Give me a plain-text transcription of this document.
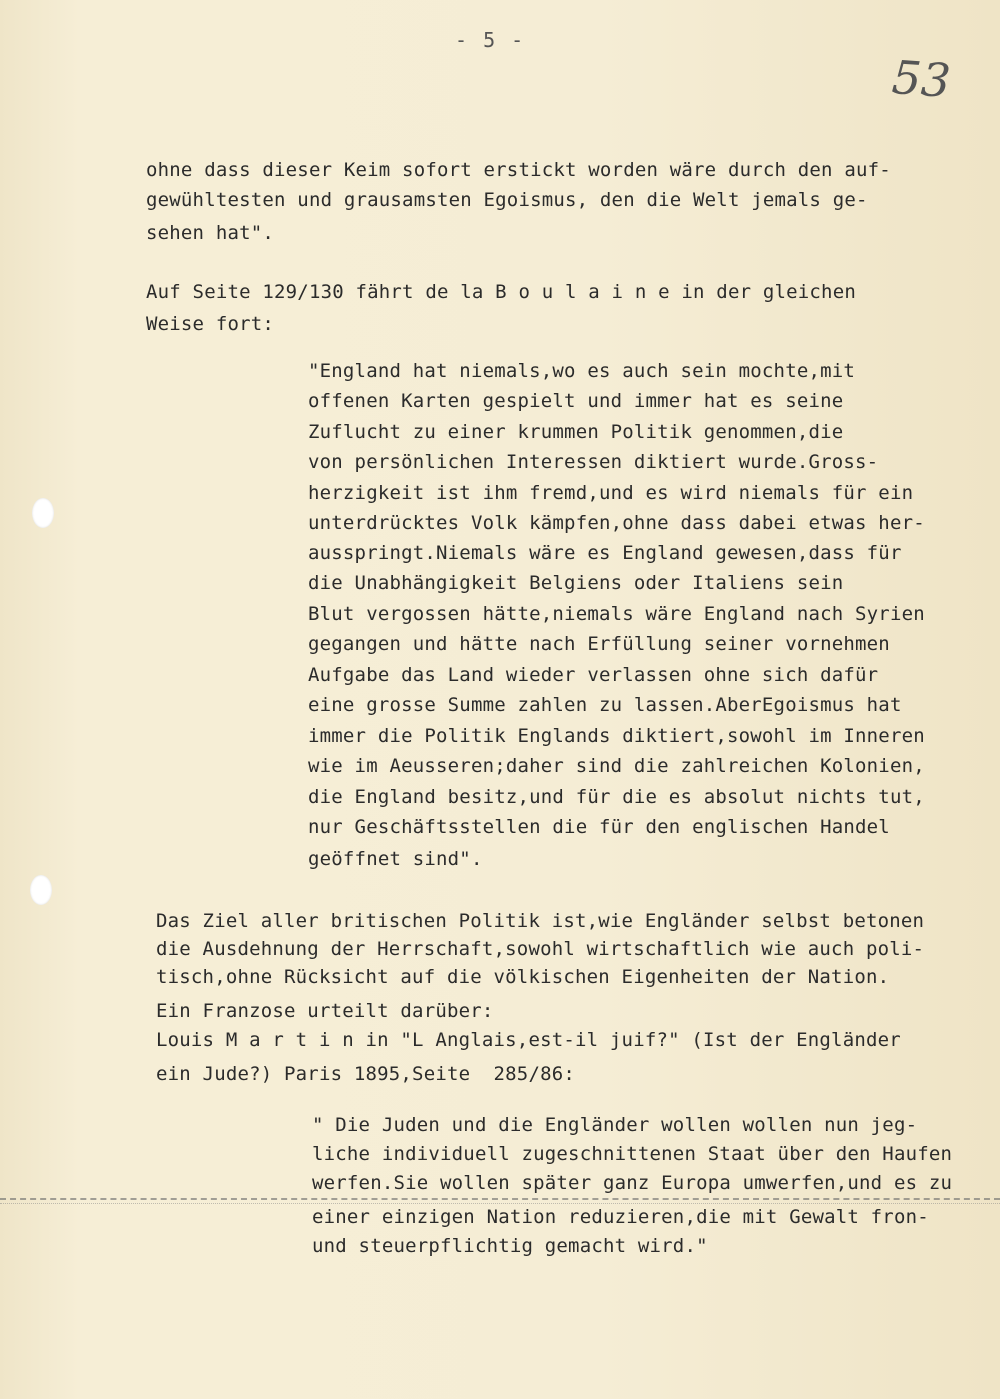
- 5 -
53
ohne dass dieser Keim sofort erstickt worden wäre durch den auf-
gewühltesten und grausamsten Egoismus, den die Welt jemals ge-
sehen hat".
Auf Seite 129/130 fährt de la B o u l a i n e in der gleichen
Weise fort:
"England hat niemals,wo es auch sein mochte,mit
offenen Karten gespielt und immer hat es seine
Zuflucht zu einer krummen Politik genommen,die
von persönlichen Interessen diktiert wurde.Gross-
herzigkeit ist ihm fremd,und es wird niemals für ein
unterdrücktes Volk kämpfen,ohne dass dabei etwas her-
ausspringt.Niemals wäre es England gewesen,dass für
die Unabhängigkeit Belgiens oder Italiens sein
Blut vergossen hätte,niemals wäre England nach Syrien
gegangen und hätte nach Erfüllung seiner vornehmen
Aufgabe das Land wieder verlassen ohne sich dafür
eine grosse Summe zahlen zu lassen.AberEgoismus hat
immer die Politik Englands diktiert,sowohl im Inneren
wie im Aeusseren;daher sind die zahlreichen Kolonien,
die England besitz,und für die es absolut nichts tut,
nur Geschäftsstellen die für den englischen Handel
geöffnet sind".
Das Ziel aller britischen Politik ist,wie Engländer selbst betonen
die Ausdehnung der Herrschaft,sowohl wirtschaftlich wie auch poli-
tisch,ohne Rücksicht auf die völkischen Eigenheiten der Nation.
Ein Franzose urteilt darüber:
Louis M a r t i n in "L Anglais,est-il juif?" (Ist der Engländer
ein Jude?) Paris 1895,Seite  285/86:
" Die Juden und die Engländer wollen wollen nun jeg-
liche individuell zugeschnittenen Staat über den Haufen
werfen.Sie wollen später ganz Europa umwerfen,und es zu
einer einzigen Nation reduzieren,die mit Gewalt fron-
und steuerpflichtig gemacht wird."
